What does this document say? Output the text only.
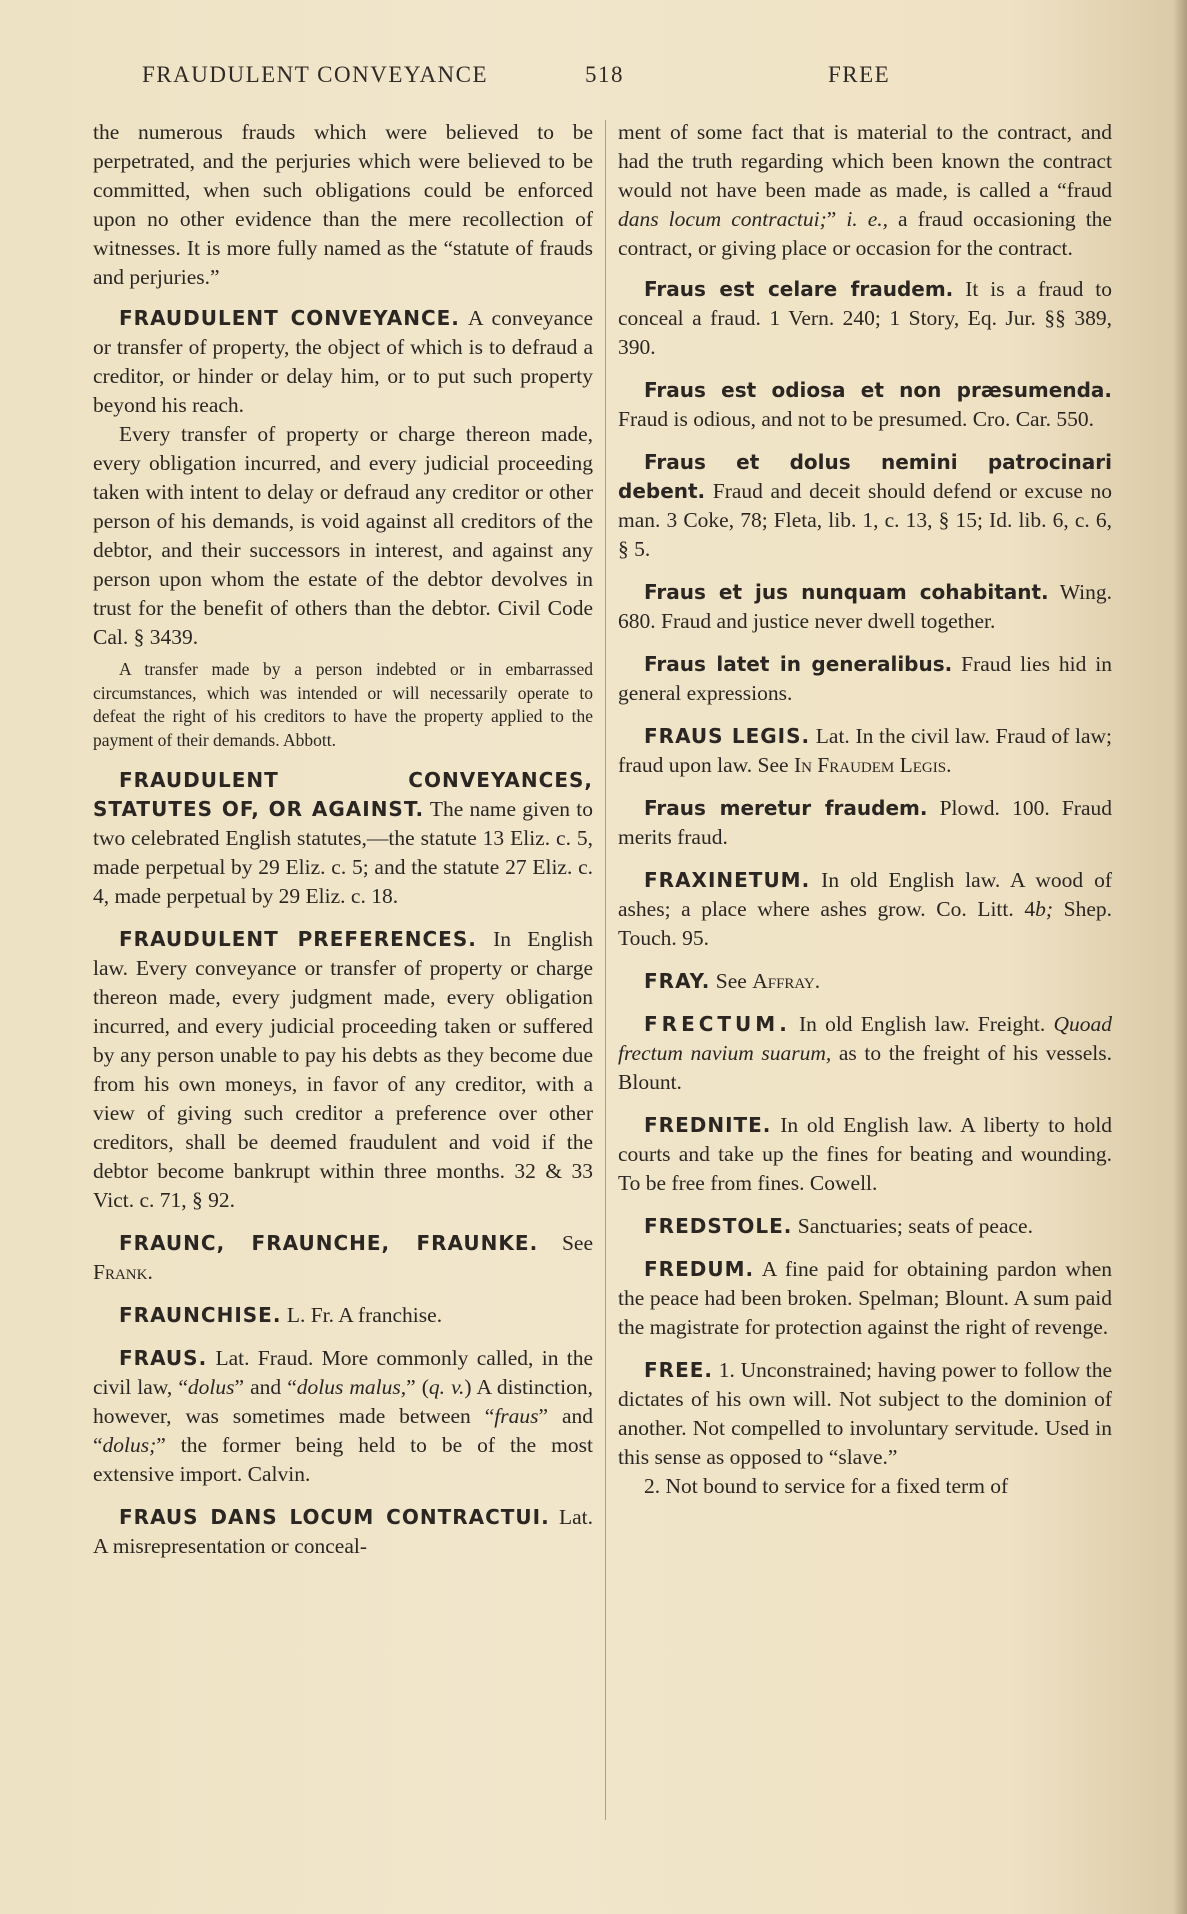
FRAUDULENT CONVEYANCE	518	FREE

the numerous frauds which were believed to be perpetrated, and the perjuries which were believed to be committed, when such obligations could be enforced upon no other evidence than the mere recollection of witnesses. It is more fully named as the “statute of frauds and perjuries.”

FRAUDULENT CONVEYANCE. A conveyance or transfer of property, the object of which is to defraud a creditor, or hinder or delay him, or to put such property beyond his reach.

Every transfer of property or charge thereon made, every obligation incurred, and every judicial proceeding taken with intent to delay or defraud any creditor or other person of his demands, is void against all creditors of the debtor, and their successors in interest, and against any person upon whom the estate of the debtor devolves in trust for the benefit of others than the debtor. Civil Code Cal. § 3439.

A transfer made by a person indebted or in embarrassed circumstances, which was intended or will necessarily operate to defeat the right of his creditors to have the property applied to the payment of their demands. Abbott.

FRAUDULENT CONVEYANCES, STATUTES OF, OR AGAINST. The name given to two celebrated English statutes,—the statute 13 Eliz. c. 5, made perpetual by 29 Eliz. c. 5; and the statute 27 Eliz. c. 4, made perpetual by 29 Eliz. c. 18.

FRAUDULENT PREFERENCES. In English law. Every conveyance or transfer of property or charge thereon made, every judgment made, every obligation incurred, and every judicial proceeding taken or suffered by any person unable to pay his debts as they become due from his own moneys, in favor of any creditor, with a view of giving such creditor a preference over other creditors, shall be deemed fraudulent and void if the debtor become bankrupt within three months. 32 & 33 Vict. c. 71, § 92.

FRAUNC, FRAUNCHE, FRAUNKE. See Frank.

FRAUNCHISE. L. Fr. A franchise.

FRAUS. Lat. Fraud. More commonly called, in the civil law, “dolus” and “dolus malus,” (q. v.) A distinction, however, was sometimes made between “fraus” and “dolus;” the former being held to be of the most extensive import. Calvin.

FRAUS DANS LOCUM CONTRACTUI. Lat. A misrepresentation or conceal-

ment of some fact that is material to the contract, and had the truth regarding which been known the contract would not have been made as made, is called a “fraud dans locum contractui;” i. e., a fraud occasioning the contract, or giving place or occasion for the contract.

Fraus est celare fraudem. It is a fraud to conceal a fraud. 1 Vern. 240; 1 Story, Eq. Jur. §§ 389, 390.

Fraus est odiosa et non præsumenda. Fraud is odious, and not to be presumed. Cro. Car. 550.

Fraus et dolus nemini patrocinari debent. Fraud and deceit should defend or excuse no man. 3 Coke, 78; Fleta, lib. 1, c. 13, § 15; Id. lib. 6, c. 6, § 5.

Fraus et jus nunquam cohabitant. Wing. 680. Fraud and justice never dwell together.

Fraus latet in generalibus. Fraud lies hid in general expressions.

FRAUS LEGIS. Lat. In the civil law. Fraud of law; fraud upon law. See In Fraudem Legis.

Fraus meretur fraudem. Plowd. 100. Fraud merits fraud.

FRAXINETUM. In old English law. A wood of ashes; a place where ashes grow. Co. Litt. 4b; Shep. Touch. 95.

FRAY. See Affray.

FRECTUM. In old English law. Freight. Quoad frectum navium suarum, as to the freight of his vessels. Blount.

FREDNITE. In old English law. A liberty to hold courts and take up the fines for beating and wounding. To be free from fines. Cowell.

FREDSTOLE. Sanctuaries; seats of peace.

FREDUM. A fine paid for obtaining pardon when the peace had been broken. Spelman; Blount. A sum paid the magistrate for protection against the right of revenge.

FREE. 1. Unconstrained; having power to follow the dictates of his own will. Not subject to the dominion of another. Not compelled to involuntary servitude. Used in this sense as opposed to “slave.”

2. Not bound to service for a fixed term of
